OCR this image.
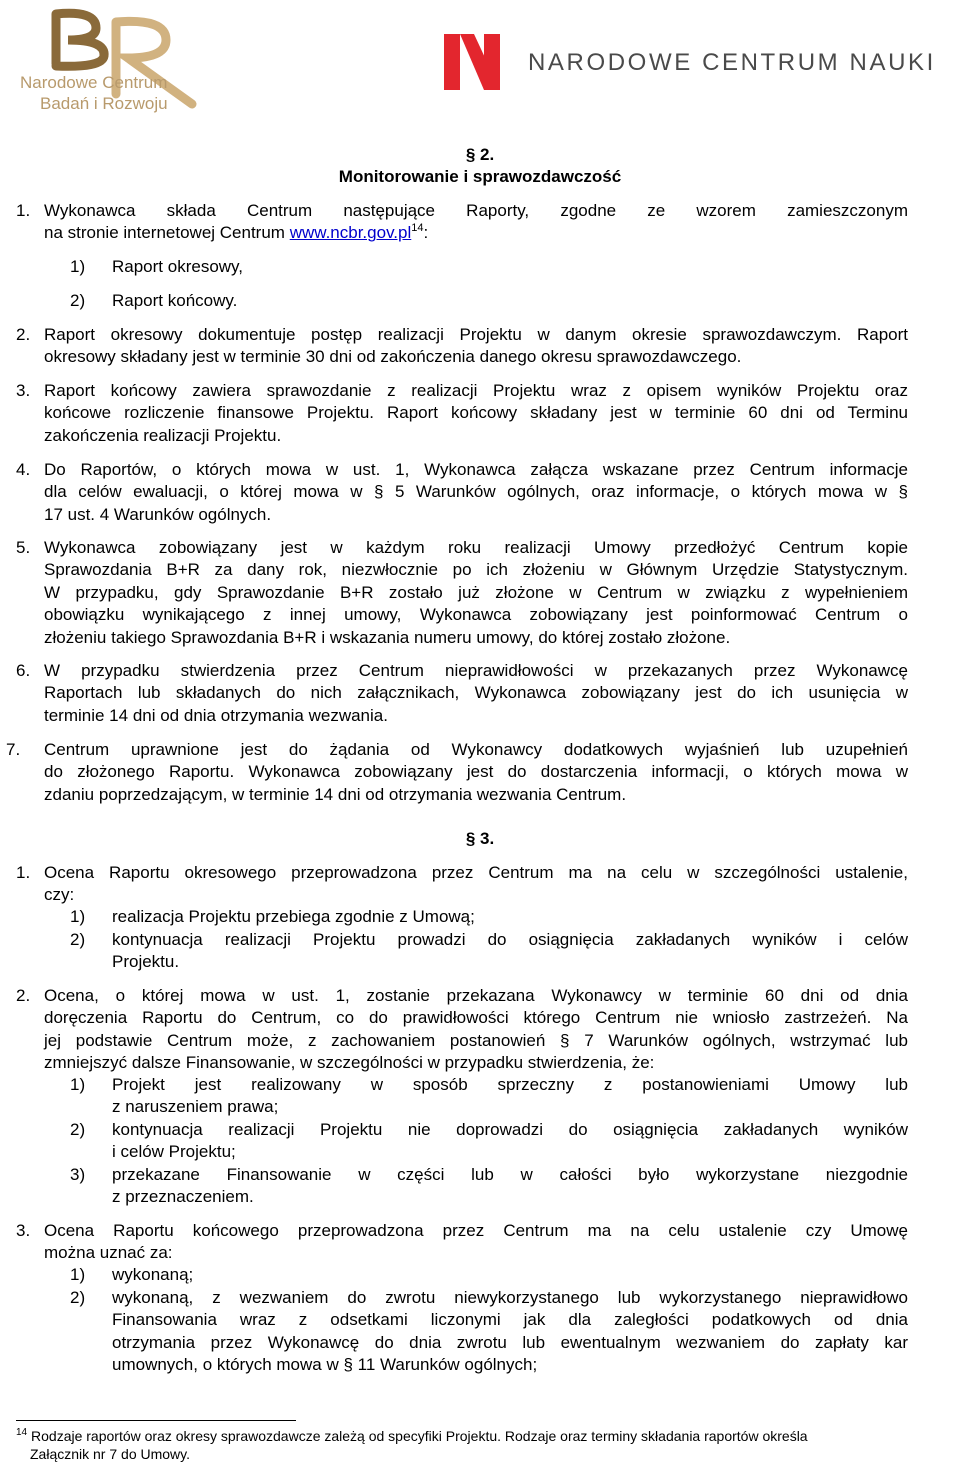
Narodowe Centrum
Badań i Rozwoju
NARODOWE CENTRUM NAUKI
§ 2.
Monitorowanie i sprawozdawczość
1. Wykonawca składa Centrum następujące Raporty, zgodne ze wzorem zamieszczonym
na stronie internetowej Centrum $www.ncbr.gov.pl^{14}$:
1) Raport okresowy,
2) Raport końcowy.
2. Raport okresowy dokumentuje postęp realizacji Projektu w danym okresie sprawozdawczym. Raport
okresowy składany jest w terminie 30 dni od zakończenia danego okresu sprawozdawczego.
3. Raport końcowy zawiera sprawozdanie z realizacji Projektu wraz z opisem wyników Projektu oraz
końcowe rozliczenie finansowe Projektu. Raport końcowy składany jest w terminie 60 dni od Terminu
zakończenia realizacji Projektu.
4. Do Raportów, o których mowa w ust. 1, Wykonawca załącza wskazane przez Centrum informacje
dla celów ewaluacji, o której mowa w § 5 Warunków ogólnych, oraz informacje, o których mowa w §
17 ust. 4 Warunków ogólnych.
5. Wykonawca zobowiązany jest w każdym roku realizacji Umowy przedłożyć Centrum kopie
Sprawozdania B+R za dany rok, niezwłocznie po ich złożeniu w Głównym Urzędzie Statystycznym.
W przypadku, gdy Sprawozdanie B+R zostało już złożone w Centrum w związku z wypełnieniem
obowiązku wynikającego z innej umowy, Wykonawca zobowiązany jest poinformować Centrum o
złożeniu takiego Sprawozdania B+R i wskazania numeru umowy, do której zostało złożone.
6. W przypadku stwierdzenia przez Centrum nieprawidłowości w przekazanych przez Wykonawcę
Raportach lub składanych do nich załącznikach, Wykonawca zobowiązany jest do ich usunięcia w
terminie 14 dni od dnia otrzymania wezwania.
7. Centrum uprawnione jest do żądania od Wykonawcy dodatkowych wyjaśnień lub uzupełnień
do złożonego Raportu. Wykonawca zobowiązany jest do dostarczenia informacji, o których mowa w
zdaniu poprzedzającym, w terminie 14 dni od otrzymania wezwania Centrum.
§ 3.
1. Ocena Raportu okresowego przeprowadzona przez Centrum ma na celu w szczególności ustalenie,
czy:
1) realizacja Projektu przebiega zgodnie z Umową;
2) kontynuacja realizacji Projektu prowadzi do osiągnięcia zakładanych wyników i celów
Projektu.
2. Ocena, o której mowa w ust. 1, zostanie przekazana Wykonawcy w terminie 60 dni od dnia
doręczenia Raportu do Centrum, co do prawidłowości którego Centrum nie wniosło zastrzeżeń. Na
jej podstawie Centrum może, z zachowaniem postanowień § 7 Warunków ogólnych, wstrzymać lub
zmniejszyć dalsze Finansowanie, w szczególności w przypadku stwierdzenia, że:
1) Projekt jest realizowany w sposób sprzeczny z postanowieniami Umowy lub
z naruszeniem prawa;
2) kontynuacja realizacji Projektu nie doprowadzi do osiągnięcia zakładanych wyników
i celów Projektu;
3) przekazane Finansowanie w części lub w całości było wykorzystane niezgodnie
z przeznaczeniem.
3. Ocena Raportu końcowego przeprowadzona przez Centrum ma na celu ustalenie czy Umowę
można uznać za:
1) wykonaną;
2) wykonaną, z wezwaniem do zwrotu niewykorzystanego lub wykorzystanego nieprawidłowo
Finansowania wraz z odsetkami liczonymi jak dla zaległości podatkowych od dnia
otrzymania przez Wykonawcę do dnia zwrotu lub ewentualnym wezwaniem do zapłaty kar
umownych, o których mowa w § 11 Warunków ogólnych;
$^{14}$ Rodzaje raportów oraz okresy sprawozdawcze zależą od specyfiki Projektu. Rodzaje oraz terminy składania raportów określa
Załącznik nr 7 do Umowy.
